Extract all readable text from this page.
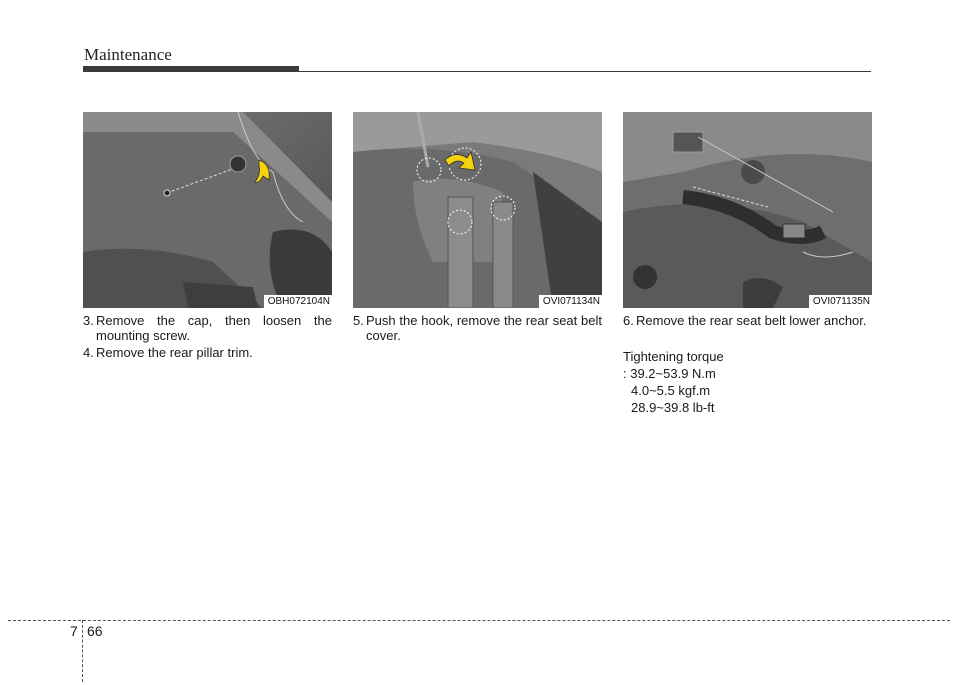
Maintenance
OBH072104N	OVI071134N	OVI071135N
3. Remove the cap, then loosen the mounting screw.
4. Remove the rear pillar trim.
5. Push the hook, remove the rear seat belt cover.
6. Remove the rear seat belt lower anchor.
Tightening torque
: 39.2~53.9 N.m
4.0~5.5 kgf.m
28.9~39.8 lb-ft
7 66
